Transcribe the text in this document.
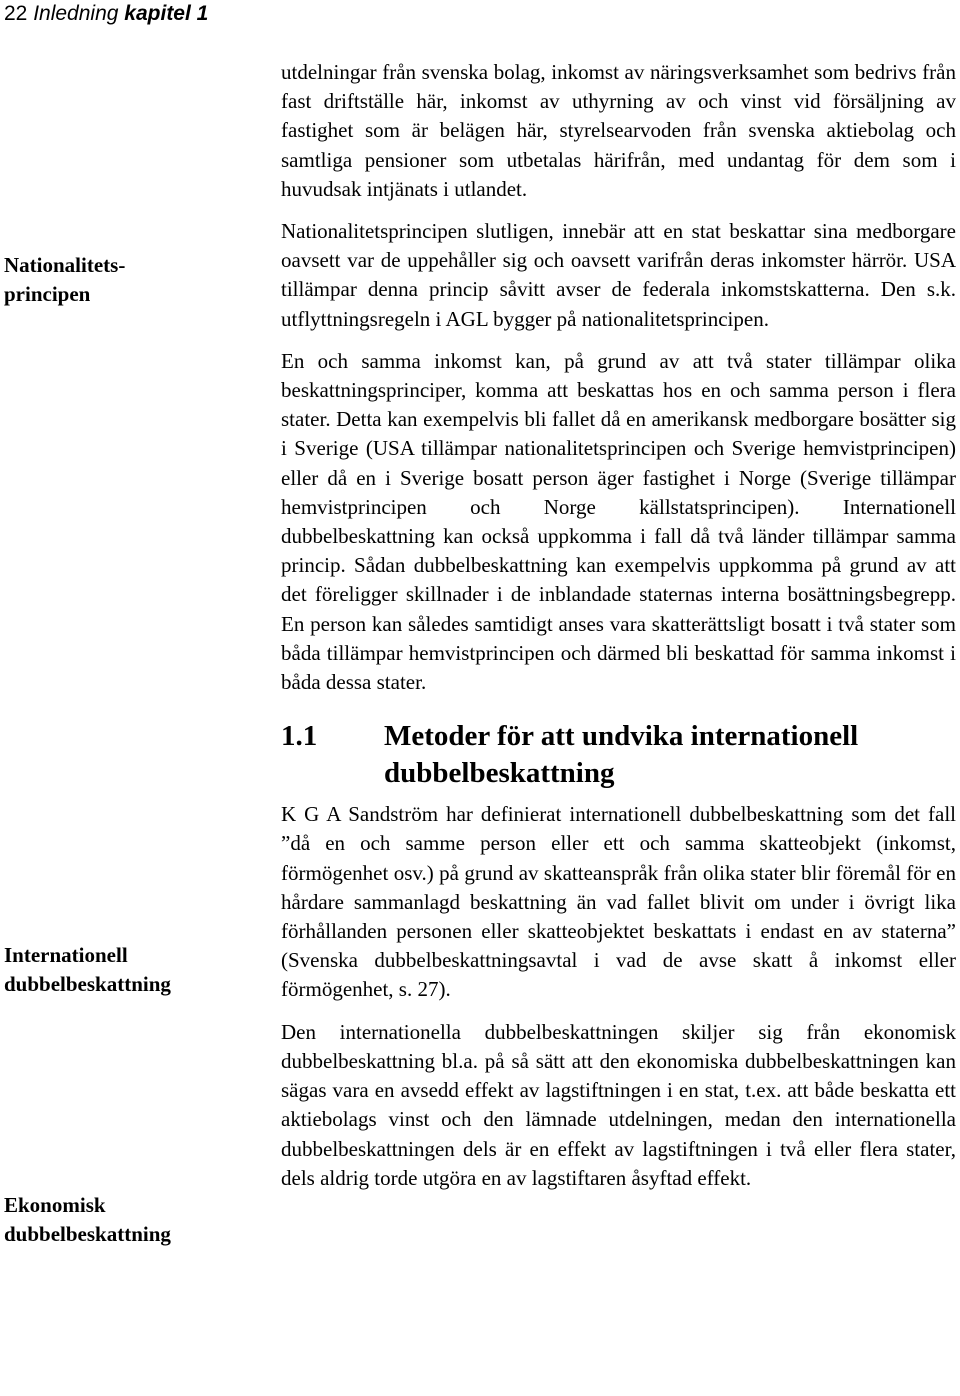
22 Inledning kapitel 1
Nationalitets-
principen
Internationell
dubbelbeskattning
Ekonomisk
dubbelbeskattning

utdelningar från svenska bolag, inkomst av näringsverksamhet som bedrivs från fast driftställe här, inkomst av uthyrning av och vinst vid försäljning av fastighet som är belägen här, styrelsearvoden från svenska aktiebolag och samtliga pensioner som utbetalas härifrån, med undantag för dem som i huvudsak intjänats i utlandet.

Nationalitetsprincipen slutligen, innebär att en stat beskattar sina medborgare oavsett var de uppehåller sig och oavsett varifrån deras inkomster härrör. USA tillämpar denna princip såvitt avser de federala inkomstskatterna. Den s.k. utflyttningsregeln i AGL bygger på nationalitetsprincipen.

En och samma inkomst kan, på grund av att två stater tillämpar olika beskattningsprinciper, komma att beskattas hos en och samma person i flera stater. Detta kan exempelvis bli fallet då en amerikansk medborgare bosätter sig i Sverige (USA tillämpar nationalitetsprincipen och Sverige hemvistprincipen) eller då en i Sverige bosatt person äger fastighet i Norge (Sverige tillämpar hemvistprincipen och Norge källstatsprincipen). Internationell dubbelbeskattning kan också uppkomma i fall då två länder tillämpar samma princip. Sådan dubbelbeskattning kan exempelvis uppkomma på grund av att det föreligger skillnader i de inblandade staternas interna bosättningsbegrepp. En person kan således samtidigt anses vara skatterättsligt bosatt i två stater som båda tillämpar hemvistprincipen och därmed bli beskattad för samma inkomst i båda dessa stater.

1.1	Metoder för att undvika internationell dubbelbeskattning

K G A Sandström har definierat internationell dubbelbeskattning som det fall ”då en och samme person eller ett och samma skatteobjekt (inkomst, förmögenhet osv.) på grund av skatteanspråk från olika stater blir föremål för en hårdare sammanlagd beskattning än vad fallet blivit om under i övrigt lika förhållanden personen eller skatteobjektet beskattats i endast en av staterna” (Svenska dubbelbeskattningsavtal i vad de avse skatt å inkomst eller förmögenhet, s. 27).

Den internationella dubbelbeskattningen skiljer sig från ekonomisk dubbelbeskattning bl.a. på så sätt att den ekonomiska dubbelbeskattningen kan sägas vara en avsedd effekt av lagstiftningen i en stat, t.ex. att både beskatta ett aktiebolags vinst och den lämnade utdelningen, medan den internationella dubbelbeskattningen dels är en effekt av lagstiftningen i två eller flera stater, dels aldrig torde utgöra en av lagstiftaren åsyftad effekt.
